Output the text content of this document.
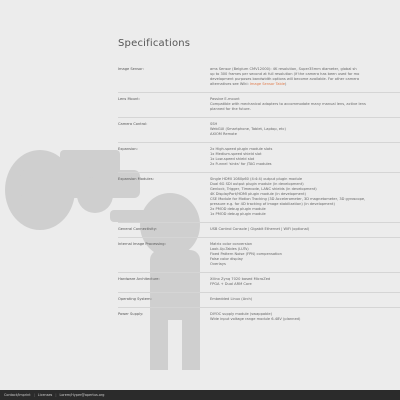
Specifications
Image Sensor:	ams Sensor (Belgium CMV12000): 4K resolution, Super35mm diameter, global sh
up to 300 frames per second at full resolution (if the camera has been used for mo
development purposes bandwidth options will become available. For other camera
alternatives see Wiki: Image Sensor Table)
Lens Mount:	Passive E-mount
Compatible with mechanical adapters to accommodate many manual lens, active lens
planned for the future.
Camera Control:	SSH
WebGUI (Smartphone, Tablet, Laptop, etc)
AXIOM Remote
Expansion:	2x High-speed plugin module slots
1x Medium-speed shield slot
1x Low-speed shield slot
2x Funnel 'sinks' for JTAG modules
Expansion Modules:	Single HDMI 1080p60 (4:4:4) output plugin module
Dual 6G SDI output plugin module (in development)
Genlock, Trigger, Timecode, LANC shields (in development)
4K DisplayPort/HDMI plugin module (in development)
CSE Module for Motion Tracking (3D Accelerometer, 3D magnetometer, 3D gyroscope,
pressure e.g. for 4D tracking of image stabilization) (in development)
2x PMOD debug plugin module
1x PMOD debug plugin module
General Connectivity:	USB Control Console | Gigabit Ethernet | WiFi (optional)
Internal Image Processing:	Matrix color conversion
Look-Up-Tables (LUTs)
Fixed Pattern Noise (FPN) compensation
False color display
Overlays
Hardware Architecture:	Xilinx Zynq 7020 based MicroZed
FPGA + Dual ARM Core
Operating System:	Embedded Linux (Arch)
Power Supply:	DIYOC supply module (swappable)
Wide input voltage range module 6-48V (planned)
Contact/Imprint | Licenses | Lorem/Hyper@apertus.org
